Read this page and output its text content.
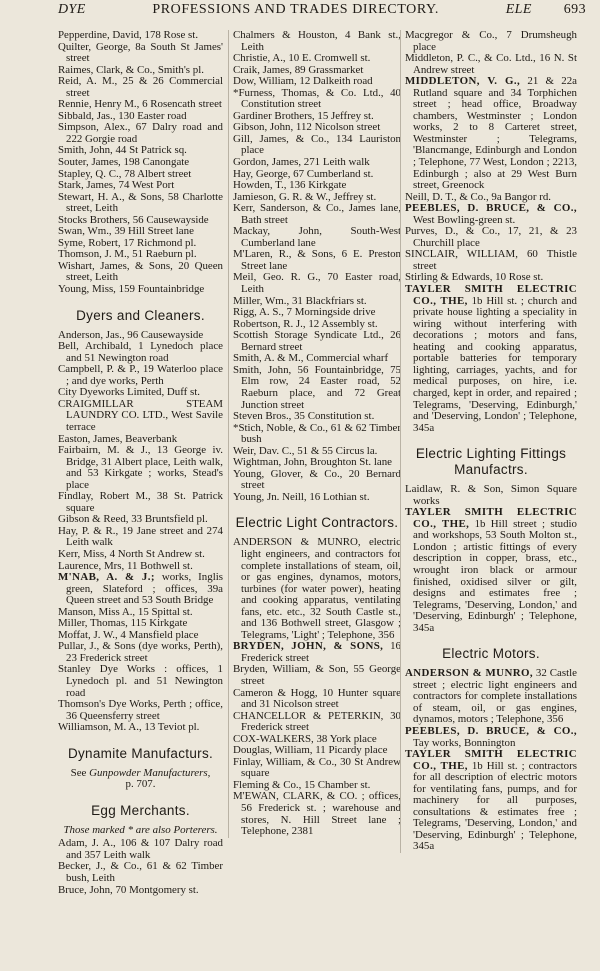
DYE	PROFESSIONS AND TRADES DIRECTORY.	ELE 693

Pepperdine, David, 178 Rose st.

Quilter, George, 8a South St James' street

Raimes, Clark, & Co., Smith's pl.

Reid, A. M., 25 & 26 Commercial street

Rennie, Henry M., 6 Rosencath street

Sibbald, Jas., 130 Easter road

Simpson, Alex., 67 Dalry road and 222 Gorgie road

Smith, John, 44 St Patrick sq.

Souter, James, 198 Canongate

Stapley, Q. C., 78 Albert street

Stark, James, 74 West Port

Stewart, H. A., & Sons, 58 Charlotte street, Leith

Stocks Brothers, 56 Causewayside

Swan, Wm., 39 Hill Street lane

Syme, Robert, 17 Richmond pl.

Thomson, J. M., 51 Raeburn pl.

Wishart, James, & Sons, 20 Queen street, Leith

Young, Miss, 159 Fountainbridge

Dyers and Cleaners.

Anderson, Jas., 96 Causewayside

Bell, Archibald, 1 Lynedoch place and 51 Newington road

Campbell, P. & P., 19 Waterloo place ; and dye works, Perth

City Dyeworks Limited, Duff st.

CRAIGMILLAR STEAM LAUNDRY CO. LTD., West Savile terrace

Easton, James, Beaverbank

Fairbairn, M. & J., 13 George iv. Bridge, 31 Albert place, Leith walk, and 53 Kirkgate ; works, Stead's place

Findlay, Robert M., 38 St. Patrick square

Gibson & Reed, 33 Bruntsfield pl.

Hay, P. & R., 19 Jane street and 274 Leith walk

Kerr, Miss, 4 North St Andrew st.

Laurence, Mrs, 11 Bothwell st.

M'NAB, A. & J.; works, Inglis green, Slateford ; offices, 39a Queen street and 53 South Bridge

Manson, Miss A., 15 Spittal st.

Miller, Thomas, 115 Kirkgate

Moffat, J. W., 4 Mansfield place

Pullar, J., & Sons (dye works, Perth), 23 Frederick street

Stanley Dye Works : offices, 1 Lynedoch pl. and 51 Newington road

Thomson's Dye Works, Perth ; office, 36 Queensferry street

Williamson, M. A., 13 Teviot pl.

Dynamite Manufacturs.

See Gunpowder Manufacturers,

p. 707.

Egg Merchants.

Those marked * are also Porterers.

Adam, J. A., 106 & 107 Dalry road and 357 Leith walk

Becker, J., & Co., 61 & 62 Timber bush, Leith

Bruce, John, 70 Montgomery st.

Chalmers & Houston, 4 Bank st., Leith

Christie, A., 10 E. Cromwell st.

Craik, James, 89 Grassmarket

Dow, William, 12 Dalkeith road

*Furness, Thomas, & Co. Ltd., 40 Constitution street

Gardiner Brothers, 15 Jeffrey st.

Gibson, John, 112 Nicolson street

Gill, James, & Co., 134 Lauriston place

Gordon, James, 271 Leith walk

Hay, George, 67 Cumberland st.

Howden, T., 136 Kirkgate

Jamieson, G. R. & W., Jeffrey st.

Kerr, Sanderson, & Co., James lane, Bath street

Mackay, John, South-West Cumberland lane

M'Laren, R., & Sons, 6 E. Preston Street lane

Meil, Geo. R. G., 70 Easter road, Leith

Miller, Wm., 31 Blackfriars st.

Rigg, A. S., 7 Morningside drive

Robertson, R. J., 12 Assembly st.

Scottish Storage Syndicate Ltd., 26 Bernard street

Smith, A. & M., Commercial wharf

Smith, John, 56 Fountainbridge, 75 Elm row, 24 Easter road, 52 Raeburn place, and 72 Great Junction street

Steven Bros., 35 Constitution st.

*Stich, Noble, & Co., 61 & 62 Timber bush

Weir, Dav. C., 51 & 55 Circus la.

Wightman, John, Broughton St. lane

Young, Glover, & Co., 20 Bernard street

Young, Jn. Neill, 16 Lothian st.

Electric Light Contractors.

ANDERSON & MUNRO, electric light engineers, and contractors for complete installations of steam, oil, or gas engines, dynamos, motors, turbines (for water power), heating and cooking apparatus, ventilating fans, etc. etc., 32 South Castle st., and 136 Bothwell street, Glasgow ; Telegrams, 'Light' ; Telephone, 356

BRYDEN, JOHN, & SONS, 16 Frederick street

Bryden, William, & Son, 55 George street

Cameron & Hogg, 10 Hunter square and 31 Nicolson street

CHANCELLOR & PETERKIN, 30 Frederick street

COX-WALKERS, 38 York place

Douglas, William, 11 Picardy place

Finlay, William, & Co., 30 St Andrew square

Fleming & Co., 15 Chamber st.

M'EWAN, CLARK, & CO. ; offices, 56 Frederick st. ; warehouse and stores, N. Hill Street lane ; Telephone, 2381

Macgregor & Co., 7 Drumsheugh place

Middleton, P. C., & Co. Ltd., 16 N. St Andrew street

MIDDLETON, V. G., 21 & 22a Rutland square and 34 Torphichen street ; head office, Broadway chambers, Westminster ; London works, 2 to 8 Carteret street, Westminster ; Telegrams, 'Blancmange, Edinburgh and London ; Telephone, 77 West, London ; 2213, Edinburgh ; also at 29 West Burn street, Greenock

Neill, D. T., & Co., 9a Bangor rd.

PEEBLES, D. BRUCE, & CO., West Bowling-green st.

Purves, D., & Co., 17, 21, & 23 Churchill place

SINCLAIR, WILLIAM, 60 Thistle street

Stirling & Edwards, 10 Rose st.

TAYLER SMITH ELECTRIC CO., THE, 1b Hill st. ; church and private house lighting a speciality in wiring without interfering with decorations ; motors and fans, heating and cooking apparatus, portable batteries for temporary lighting, carriages, yachts, and for medical purposes, on hire, i.e. charged, kept in order, and repaired ; Telegrams, 'Deserving, Edinburgh,' and 'Deserving, London' ; Telephone, 345a

Electric Lighting Fittings Manufactrs.

Laidlaw, R. & Son, Simon Square works

TAYLER SMITH ELECTRIC CO., THE, 1b Hill street ; studio and workshops, 53 South Molton st., London ; artistic fittings of every description in copper, brass, etc., wrought iron black or armour finished, oxidised silver or gilt, designs and estimates free ; Telegrams, 'Deserving, London,' and 'Deserving, Edinburgh' ; Telephone, 345a

Electric Motors.

ANDERSON & MUNRO, 32 Castle street ; electric light engineers and contractors for complete installations of steam, oil, or gas engines, dynamos, motors ; Telephone, 356

PEEBLES, D. BRUCE, & CO., Tay works, Bonnington

TAYLER SMITH ELECTRIC CO., THE, 1b Hill st. ; contractors for all description of electric motors for ventilating fans, pumps, and for machinery for all purposes, consultations & estimates free ; Telegrams, 'Deserving, London,' and 'Deserving, Edinburgh' ; Telephone, 345a
